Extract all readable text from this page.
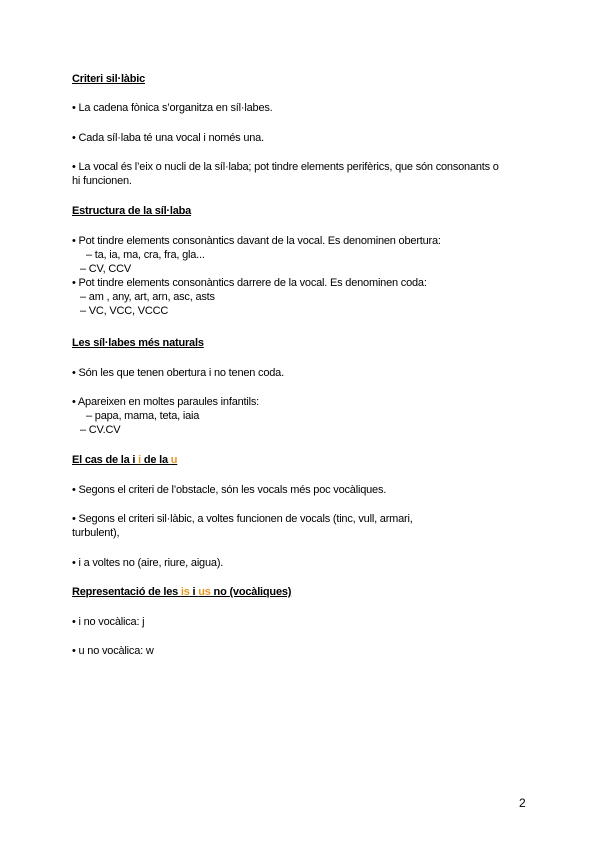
Criteri sil·làbic
• La cadena fònica s’organitza en síl·labes.
• Cada síl·laba té una vocal i només una.
• La vocal és l’eix o nucli de la síl·laba; pot tindre elements perifèrics, que són consonants o
hi funcionen.
Estructura de la síl·laba
• Pot tindre elements consonàntics davant de la vocal. Es denominen obertura:
– ta, ia, ma, cra, fra, gla...
– CV, CCV
• Pot tindre elements consonàntics darrere de la vocal. Es denominen coda:
– am , any, art, arn, asc, asts
– VC, VCC, VCCC
Les síl·labes més naturals
• Són les que tenen obertura i no tenen coda.
• Apareixen en moltes paraules infantils:
– papa, mama, teta, iaia
– CV.CV
El cas de la i i de la u
• Segons el criteri de l’obstacle, són les vocals més poc vocàliques.
• Segons el criteri sil·làbic, a voltes funcionen de vocals (tinc, vull, armari,
turbulent),
• i a voltes no (aire, riure, aigua).
Representació de les is i us no (vocàliques)
• i no vocàlica: j
• u no vocàlica: w
2
